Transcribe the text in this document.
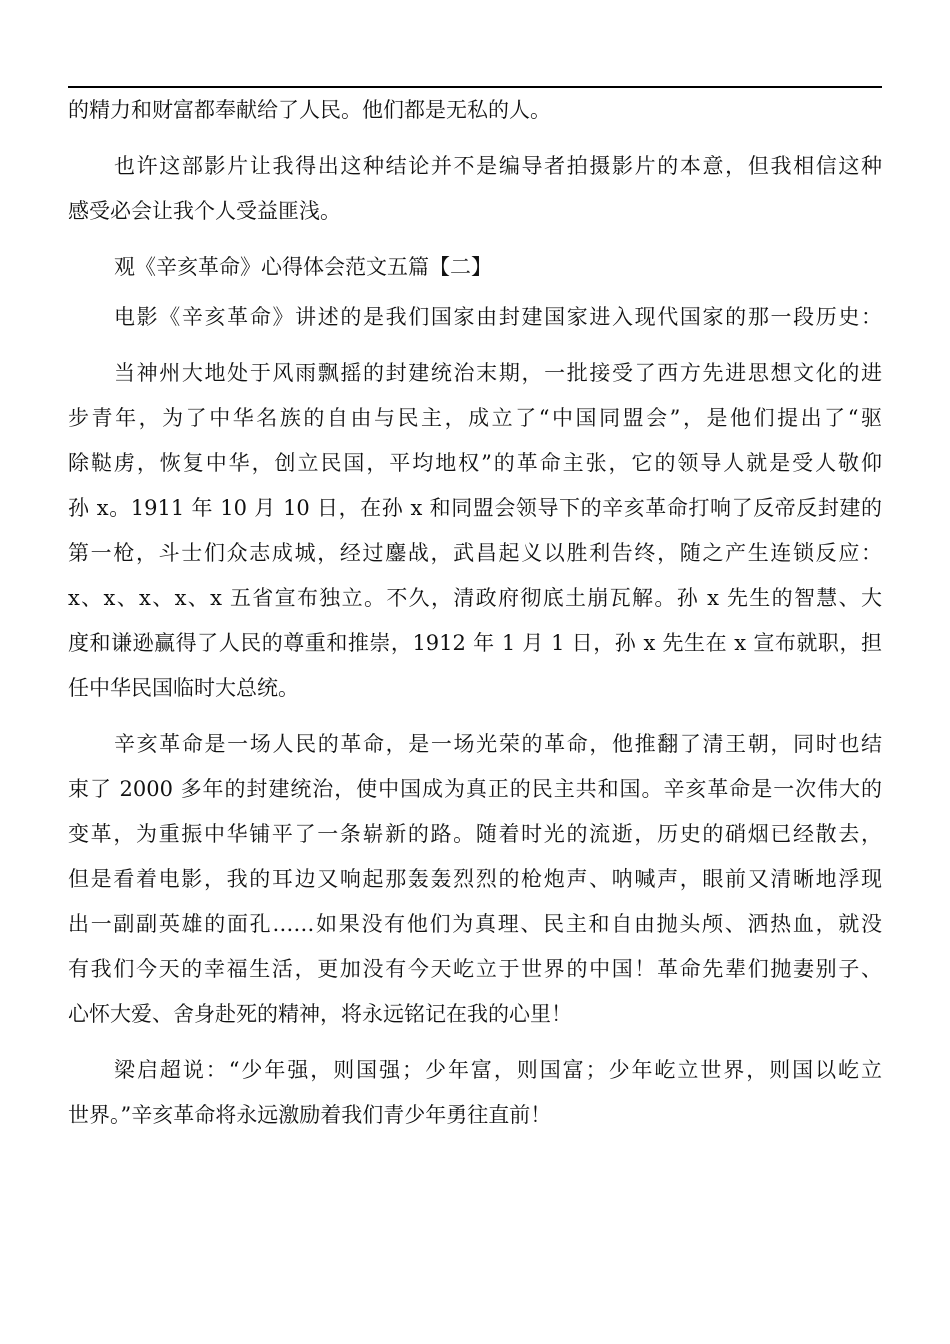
的精力和财富都奉献给了人民。他们都是无私的人。
也许这部影片让我得出这种结论并不是编导者拍摄影片的本意，但我相信这种
感受必会让我个人受益匪浅。
观《辛亥革命》心得体会范文五篇【二】
电影《辛亥革命》讲述的是我们国家由封建国家进入现代国家的那一段历史：
当神州大地处于风雨飘摇的封建统治末期，一批接受了西方先进思想文化的进
步青年，为了中华名族的自由与民主，成立了“中国同盟会”，是他们提出了“驱
除鞑虏，恢复中华，创立民国，平均地权”的革命主张，它的领导人就是受人敬仰
孙 x。1911 年 10 月 10 日，在孙 x 和同盟会领导下的辛亥革命打响了反帝反封建的
第一枪，斗士们众志成城，经过鏖战，武昌起义以胜利告终，随之产生连锁反应：
x、x、x、x、x 五省宣布独立。不久，清政府彻底土崩瓦解。孙 x 先生的智慧、大
度和谦逊赢得了人民的尊重和推崇，1912 年 1 月 1 日，孙 x 先生在 x 宣布就职，担
任中华民国临时大总统。
辛亥革命是一场人民的革命，是一场光荣的革命，他推翻了清王朝，同时也结
束了 2000 多年的封建统治，使中国成为真正的民主共和国。辛亥革命是一次伟大的
变革，为重振中华铺平了一条崭新的路。随着时光的流逝，历史的硝烟已经散去，
但是看着电影，我的耳边又响起那轰轰烈烈的枪炮声、呐喊声，眼前又清晰地浮现
出一副副英雄的面孔……如果没有他们为真理、民主和自由抛头颅、洒热血，就没
有我们今天的幸福生活，更加没有今天屹立于世界的中国！革命先辈们抛妻别子、
心怀大爱、舍身赴死的精神，将永远铭记在我的心里！
梁启超说：“少年强，则国强；少年富，则国富；少年屹立世界，则国以屹立
世界。”辛亥革命将永远激励着我们青少年勇往直前！
